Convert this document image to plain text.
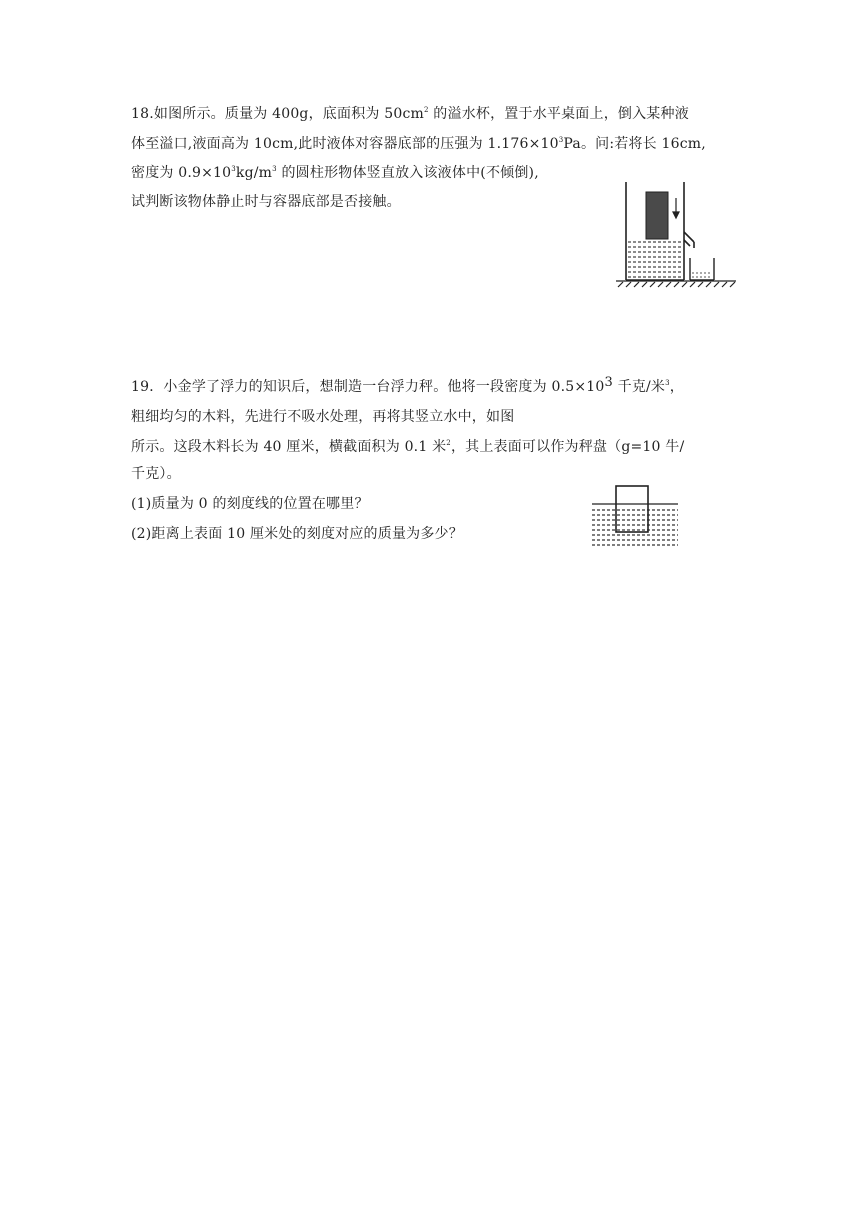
18.如图所示。质量为 400g，底面积为 $50cm^2$ 的溢水杯，置于水平桌面上，倒入某种液

体至溢口,液面高为 10cm,此时液体对容器底部的压强为 $1.176\times 10^3Pa$。问:若将长 16cm,

密度为 $0.9\times 10^3kg/m^3$ 的圆柱形物体竖直放入该液体中(不倾倒),

试判断该物体静止时与容器底部是否接触。

19．小金学了浮力的知识后，想制造一台浮力秤。他将一段密度为 $0.5\times 10^3$ 千克/米$^3$，

粗细均匀的木料，先进行不吸水处理，再将其竖立水中，如图

所示。这段木料长为 40 厘米，横截面积为 0.1 米$^2$，其上表面可以作为秤盘（g=10 牛/

千克）。

(1)质量为 0 的刻度线的位置在哪里？

(2)距离上表面 10 厘米处的刻度对应的质量为多少？
